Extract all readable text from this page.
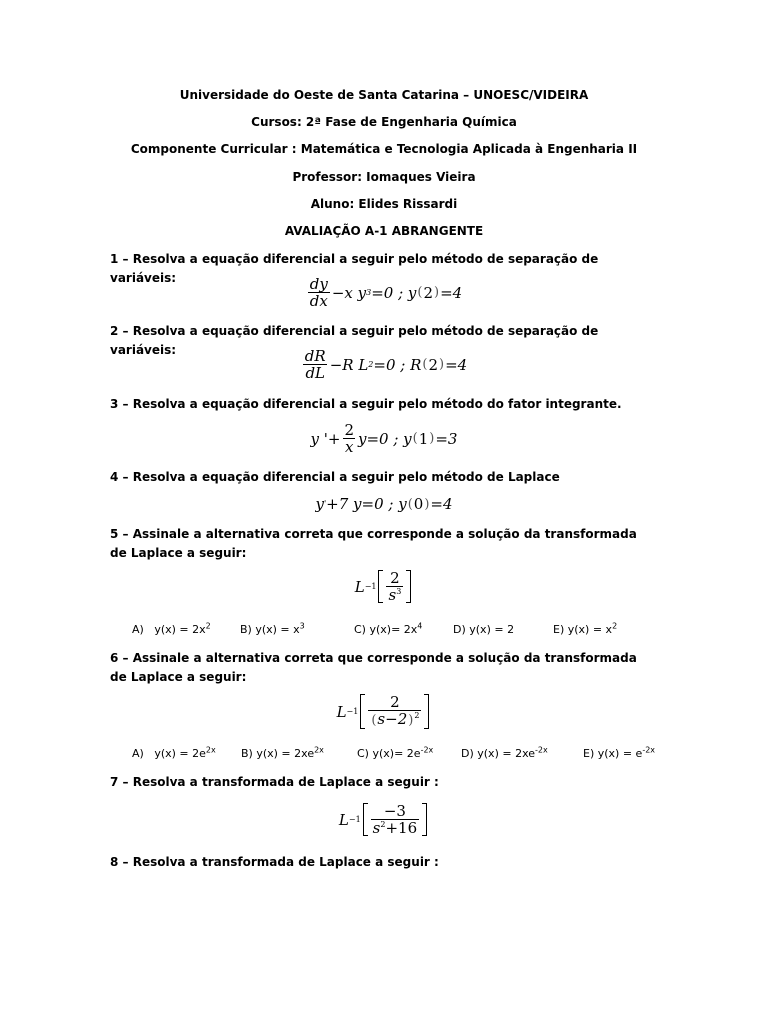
Universidade do Oeste de Santa Catarina – UNOESC/VIDEIRA
Cursos: 2ª Fase de Engenharia Química
Componente Curricular : Matemática e Tecnologia Aplicada à Engenharia II
Professor: Iomaques Vieira
Aluno: Elides Rissardi
AVALIAÇÃO A-1 ABRANGENTE
1 – Resolva a equação diferencial a seguir pelo método de separação de variáveis:	$\frac{dy}{dx} -x$ y 3 =0 ; y ( 2 ) =4
2 – Resolva a equação diferencial a seguir pelo método de separação de variáveis:	$\frac{dR}{dL} -R$ L 2 =0 ; R ( 2 ) =4
3 – Resolva a equação diferencial a seguir pelo método do fator integrante.
y '+ $\frac{2}{x} y=0$ ; y ( 1 ) =3
4 – Resolva a equação diferencial a seguir pelo método de Laplace
y ' +7 y=0 ; y ( 0 ) =4
5 – Assinale a alternativa correta que corresponde a solução da transformada de Laplace a seguir:
$L -1 \frac{2}{s^3}$
A) $y(x) = 2x^2$	B) $y(x) = x^3$	C) $y(x)= 2x^4$	D) y(x) = 2	E) $y(x) = x^2$
6 – Assinale a alternativa correta que corresponde a solução da transformada de Laplace a seguir:
$L -1 \frac{2}{(s-2)^2}$
A) $y(x) = 2e^{2x}$ B) $y(x) = 2xe^{2x}$	C) $y(x)= 2e^{-2x}$	D) $y(x) = 2xe^{-2x}$	E) $y(x) = e^{-2x}$
7 – Resolva a transformada de Laplace a seguir :
$L -1 \frac{-3}{s^2+16}$
8 – Resolva a transformada de Laplace a seguir :
